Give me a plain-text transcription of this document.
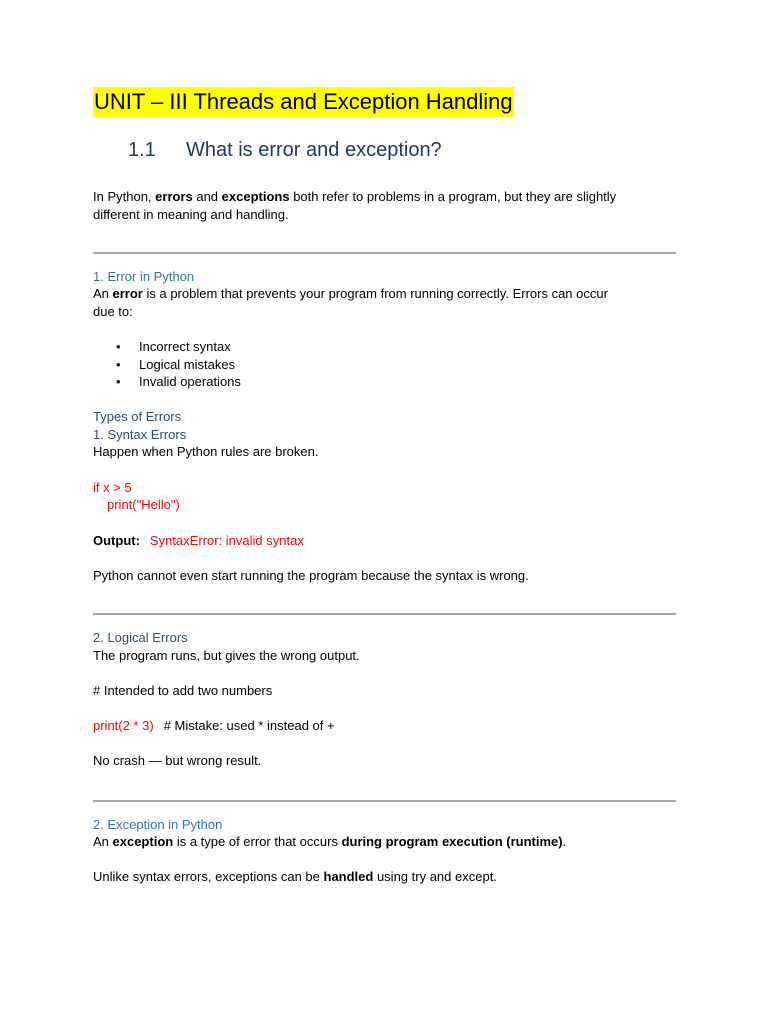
UNIT – III Threads and Exception Handling
1.1 What is error and exception?
In Python, errors and exceptions both refer to problems in a program, but they are slightly
different in meaning and handling.
1. Error in Python
An error is a problem that prevents your program from running correctly. Errors can occur
due to:
• Incorrect syntax
• Logical mistakes
• Invalid operations
Types of Errors
1. Syntax Errors
Happen when Python rules are broken.
if x > 5
print("Hello")
Output: SyntaxError: invalid syntax
Python cannot even start running the program because the syntax is wrong.
2. Logical Errors
The program runs, but gives the wrong output.
# Intended to add two numbers
print(2 * 3) # Mistake: used * instead of +
No crash — but wrong result.
2. Exception in Python
An exception is a type of error that occurs during program execution (runtime).
Unlike syntax errors, exceptions can be handled using try and except.
